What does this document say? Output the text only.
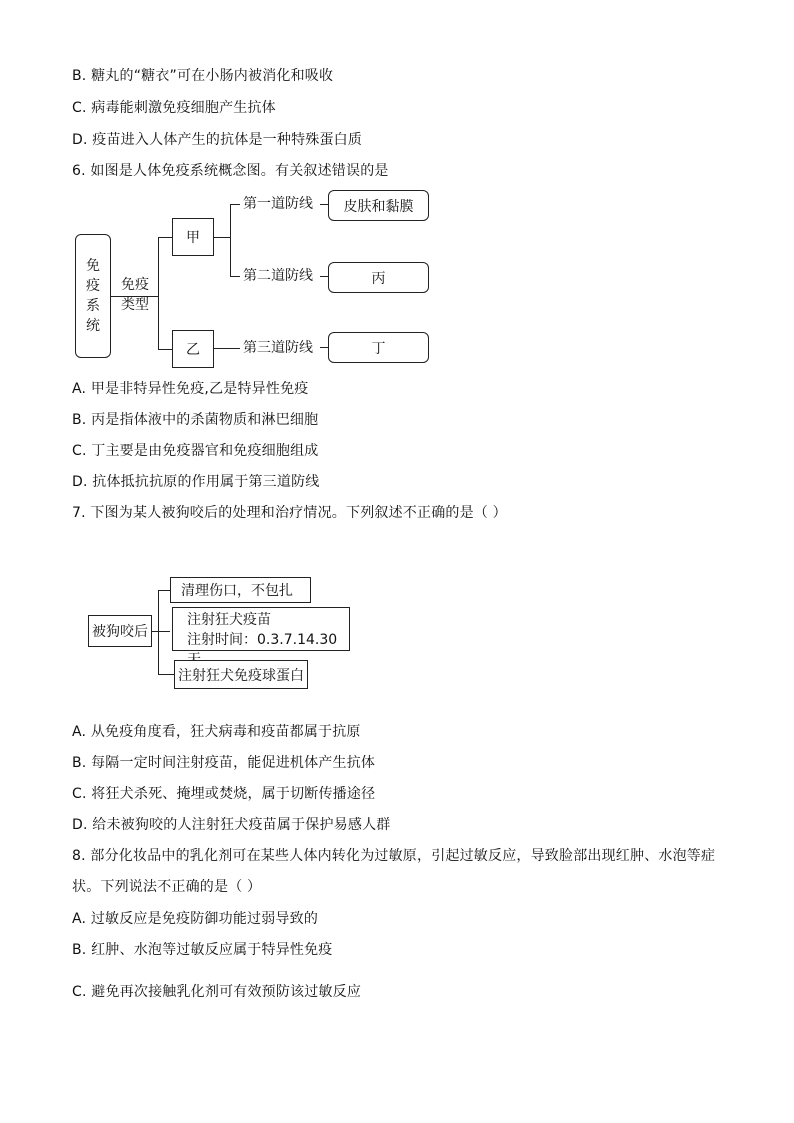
B. 糖丸的“糖衣”可在小肠内被消化和吸收
C. 病毒能刺激免疫细胞产生抗体
D. 疫苗进入人体产生的抗体是一种特殊蛋白质
6. 如图是人体免疫系统概念图。有关叙述错误的是
免
疫
系
统
免疫
类型
甲
乙
第一道防线
第二道防线
第三道防线
皮肤和黏膜
丙
丁
A. 甲是非特异性免疫,乙是特异性免疫
B. 丙是指体液中的杀菌物质和淋巴细胞
C. 丁主要是由免疫器官和免疫细胞组成
D. 抗体抵抗抗原的作用属于第三道防线
7. 下图为某人被狗咬后的处理和治疗情况。下列叙述不正确的是（ ）
被狗咬后
清理伤口，不包扎
注射狂犬疫苗
注射时间：0.3.7.14.30
注射狂犬免疫球蛋白
A. 从免疫角度看，狂犬病毒和疫苗都属于抗原
B. 每隔一定时间注射疫苗，能促进机体产生抗体
C. 将狂犬杀死、掩埋或焚烧，属于切断传播途径
D. 给未被狗咬的人注射狂犬疫苗属于保护易感人群
8. 部分化妆品中的乳化剂可在某些人体内转化为过敏原，引起过敏反应，导致脸部出现红肿、水泡等症
状。下列说法不正确的是（ ）
A. 过敏反应是免疫防御功能过弱导致的
B. 红肿、水泡等过敏反应属于特异性免疫
C. 避免再次接触乳化剂可有效预防该过敏反应
